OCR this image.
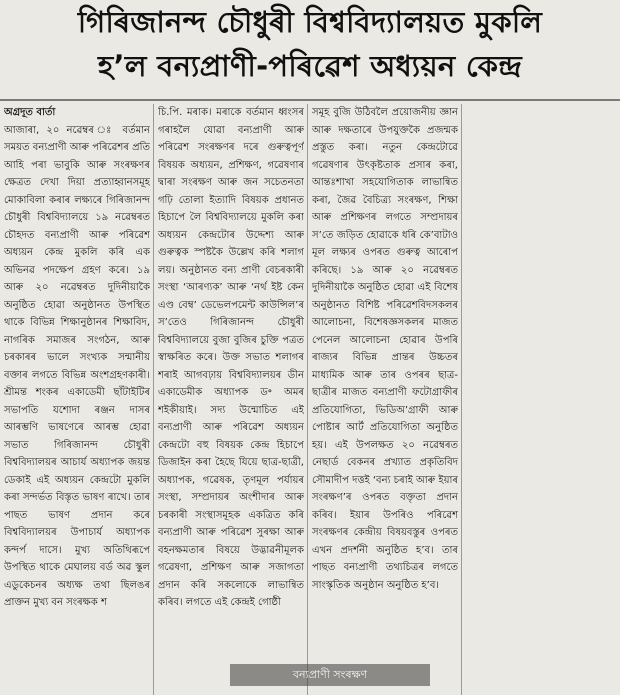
গিৰিজানন্দ চৌধুৰী বিশ্ববিদ্যালয়ত মুকলি
হ’ল বন্যপ্ৰাণী-পৰিৱেশ অধ্যয়ন কেন্দ্ৰ

অগ্ৰদূত বাৰ্তা

আজাৰা, ২০ নৱেম্বৰ ঃ বৰ্তমান সময়ত বন্যপ্ৰাণী আৰু পৰিৱেশৰ প্ৰতি আহি পৰা ভাবুকি আৰু সংৰক্ষণৰ ক্ষেত্ৰত দেখা দিয়া প্ৰত্যাহ্বানসমূহ মোকাবিলা কৰাৰ লক্ষ্যৰে গিৰিজানন্দ চৌধুৰী বিশ্ববিদ্যালয়ে ১৯ নৱেম্বৰত চৌহদত বন্যপ্ৰাণী আৰু পৰিৱেশ অধ্যয়ন কেন্দ্ৰ মুকলি কৰি এক অভিনৱ পদক্ষেপ গ্ৰহণ কৰে। ১৯ আৰু ২০ নৱেম্বৰত দুদিনীয়াকৈ অনুষ্ঠিত হোৱা অনুষ্ঠানত উপস্থিত থাকে বিভিন্ন শিক্ষানুষ্ঠানৰ শিক্ষাবিদ, নাগৰিক সমাজৰ সংগঠন, আৰু চৰকাৰৰ ভালে সংখ্যক সন্মানীয় বক্তাৰ লগতে বিভিন্ন অংশগ্ৰহণকাৰী। শ্ৰীমন্ত শংকৰ একাডেমী ছাঁটাইটিৰ সভাপতি যশোদা ৰঞ্জন দাসৰ আৰম্ভণি ভাষণেৰে আৰম্ভ হোৱা সভাত গিৰিজানন্দ চৌধুৰী বিশ্ববিদ্যালয়ৰ আচাৰ্য অধ্যাপক জয়ন্ত ডেকাই এই অধ্যয়ন কেন্দ্ৰটো মুকলি কৰা সন্দৰ্ভত বিস্তৃত ভাষণ ৰাখে। তাৰ পাছত ভাষণ প্ৰদান কৰে বিশ্ববিদ্যালয়ৰ উপাচাৰ্য অধ্যাপক কন্দৰ্প দাসে। মুখ্য অতিথিৰূপে উপস্থিত থাকে মেঘালয় বৰ্ড অৱ স্কুল এডুকেচনৰ অধ্যক্ষ তথা ছিলঙৰ প্ৰাক্তন মুখ্য বন সংৰক্ষক শ

চি.পি. মৰাক। মৰাকে বৰ্তমান ধ্বংসৰ গৰাহলৈ যোৱা বন্যপ্ৰাণী আৰু পৰিৱেশ সংৰক্ষণৰ দৰে গুৰুত্বপূৰ্ণ বিষয়ক অধ্যয়ন, প্ৰশিক্ষণ, গৱেষণাৰ দ্বাৰা সংৰক্ষণ আৰু জন সচেতনতা গঢ়ি তোলা ইত্যাদি বিষয়ক প্ৰধানত হিচাপে লৈ বিশ্ববিদ্যালয়ে মুকলি কৰা অধ্যয়ন কেন্দ্ৰটোৰ উদ্দেশ্য আৰু গুৰুত্বক স্পষ্টকৈ উল্লেখ কৰি শলাগ লয়। অনুষ্ঠানত বন্য প্ৰাণী বেচৰকাৰী সংস্থা ‘আৰণ্যক’ আৰু ‘নৰ্থ ইষ্ট কেন এণ্ড বেম্ব’ ডেভেলপমেন্ট কাউন্সিল’ৰ স’তেও গিৰিজানন্দ চৌধুৰী বিশ্ববিদ্যালয়ে বুজা বুজিৰ চুক্তি পত্ৰত স্বাক্ষৰিত কৰে। উক্ত সভাত শলাগৰ শৰাই আগবঢ়ায় বিশ্ববিদ্যালয়ৰ ডীন একাডেমীক অধ্যাপক ড॰ অমৰ শইকীয়াই। সদ্য উন্মোচিত এই বন্যপ্ৰাণী আৰু পৰিৱেশ অধ্যয়ন কেন্দ্ৰটো বহু বিষয়ক কেন্দ্ৰ হিচাপে ডিজাইন কৰা হৈছে যিয়ে ছাত্ৰ-ছাত্ৰী, অধ্যাপক, গৱেষক, তৃণমূল পৰ্যায়ৰ সংস্থা, সম্প্ৰদায়ৰ অংশীদাৰ আৰু চৰকাৰী সংস্থাসমূহক একত্ৰিত কৰি বন্যপ্ৰাণী আৰু পৰিৱেশ সুৰক্ষা আৰু বহনক্ষমতাৰ বিষয়ে উদ্ভাৱনীমূলক গৱেষণা, প্ৰশিক্ষণ আৰু সজাগতা প্ৰদান কৰি সকলোকে লাভান্বিত কৰিব। লগতে এই কেন্দ্ৰই গোষ্ঠী

সমূহ বুজি উঠিবলৈ প্ৰয়োজনীয় জ্ঞান আৰু দক্ষতাৰে উপযুক্তকৈ প্ৰজন্মক প্ৰস্তুত কৰা। নতুন কেন্দ্ৰটোৱে গৱেষণাৰ উৎকৃষ্টতাক প্ৰসাৰ কৰা, আন্তঃশাখা সহযোগিতাক লাভান্বিত কৰা, জৈৱ বৈচিত্ৰ্য সংৰক্ষণ, শিক্ষা আৰু প্ৰশিক্ষণৰ লগতে সম্প্ৰদায়ৰ স’তে জড়িত হোৱাকে ধৰি কে’বাটাও মূল লক্ষ্যৰ ওপৰত গুৰুত্ব আৰোপ কৰিছে। ১৯ আৰু ২০ নৱেম্বৰত দুদিনীয়াকৈ অনুষ্ঠিত হোৱা এই বিশেষ অনুষ্ঠানত বিশিষ্ট পৰিৱেশবিদসকলৰ আলোচনা, বিশেষজ্ঞসকলৰ মাজত পেনেল আলোচনা হোৱাৰ উপৰি ৰাজ্যৰ বিভিন্ন প্ৰান্তৰ উচ্চতৰ মাধ্যমিক আৰু তাৰ ওপৰৰ ছাত্ৰ-ছাত্ৰীৰ মাজত বন্যপ্ৰাণী ফটোগ্ৰাফীৰ প্ৰতিযোগিতা, ভিডিঅ’গ্ৰাফী আৰু পোষ্টাৰ আৰ্ট প্ৰতিযোগিতা অনুষ্ঠিত হয়। এই উপলক্ষত ২০ নৱেম্বৰত নেছাৰ্ড বেকনৰ প্ৰখ্যাত প্ৰকৃতিবিদ সৌমাদীপ দত্তই ‘বন্য চৰাই আৰু ইয়াৰ সংৰক্ষণ’ৰ ওপৰত বক্তৃতা প্ৰদান কৰিব। ইয়াৰ উপৰিও পৰিৱেশ সংৰক্ষণৰ কেন্দ্ৰীয় বিষয়বস্তুৰ ওপৰত এখন প্ৰদৰ্শনী অনুষ্ঠিত হ’ব। তাৰ পাছত বন্যপ্ৰাণী তথ্যচিত্ৰৰ লগতে সাংস্কৃতিক অনুষ্ঠান অনুষ্ঠিত হ’ব।

বন্যপ্ৰাণী সংৰক্ষণ
